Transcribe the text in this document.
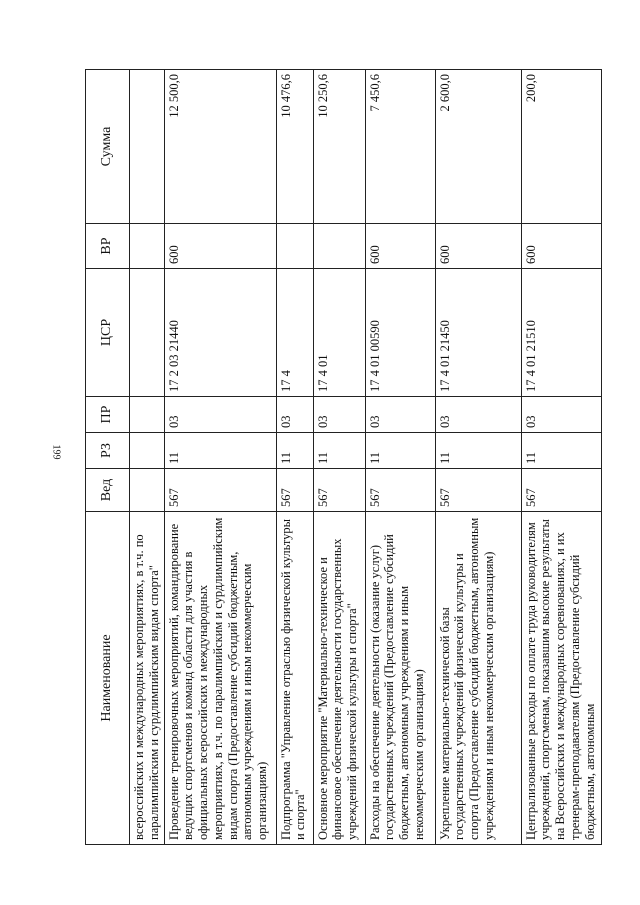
199
Наименование	Вед	РЗ	ПР	ЦСР	ВР	Сумма
всероссийских и международных мероприятиях, в т.ч. по паралимпийским и сурдлимпийским видам спорта"						
Проведение тренировочных мероприятий, командирование ведущих спортсменов и команд области для участия в официальных всероссийских и международных мероприятиях, в т.ч. по паралимпийским и сурдлимпийским видам спорта (Предоставление субсидий бюджетным, автономным учреждениям и иным некоммерческим организациям)	567	11	03	17 2 03 21440	600	12 500,0
Подпрограмма "Управление отраслью физической культуры и спорта"	567	11	03	17 4		10 476,6
Основное мероприятие "Материально-техническое и финансовое обеспечение деятельности государственных учреждений физической культуры и спорта"	567	11	03	17 4 01		10 250,6
Расходы на обеспечение деятельности (оказание услуг) государственных учреждений (Предоставление субсидий бюджетным, автономным учреждениям и иным некоммерческим организациям)	567	11	03	17 4 01 00590	600	7 450,6
Укрепление материально-технической базы государственных учреждений физической культуры и спорта (Предоставление субсидий бюджетным, автономным учреждениям и иным некоммерческим организациям)	567	11	03	17 4 01 21450	600	2 600,0
Централизованные расходы по оплате труда руководителям учреждений, спортсменам, показавшим высокие результаты на Всероссийских и международных соревнованиях, и их тренерам-преподавателям (Предоставление субсидий бюджетным, автономным	567	11	03	17 4 01 21510	600	200,0
